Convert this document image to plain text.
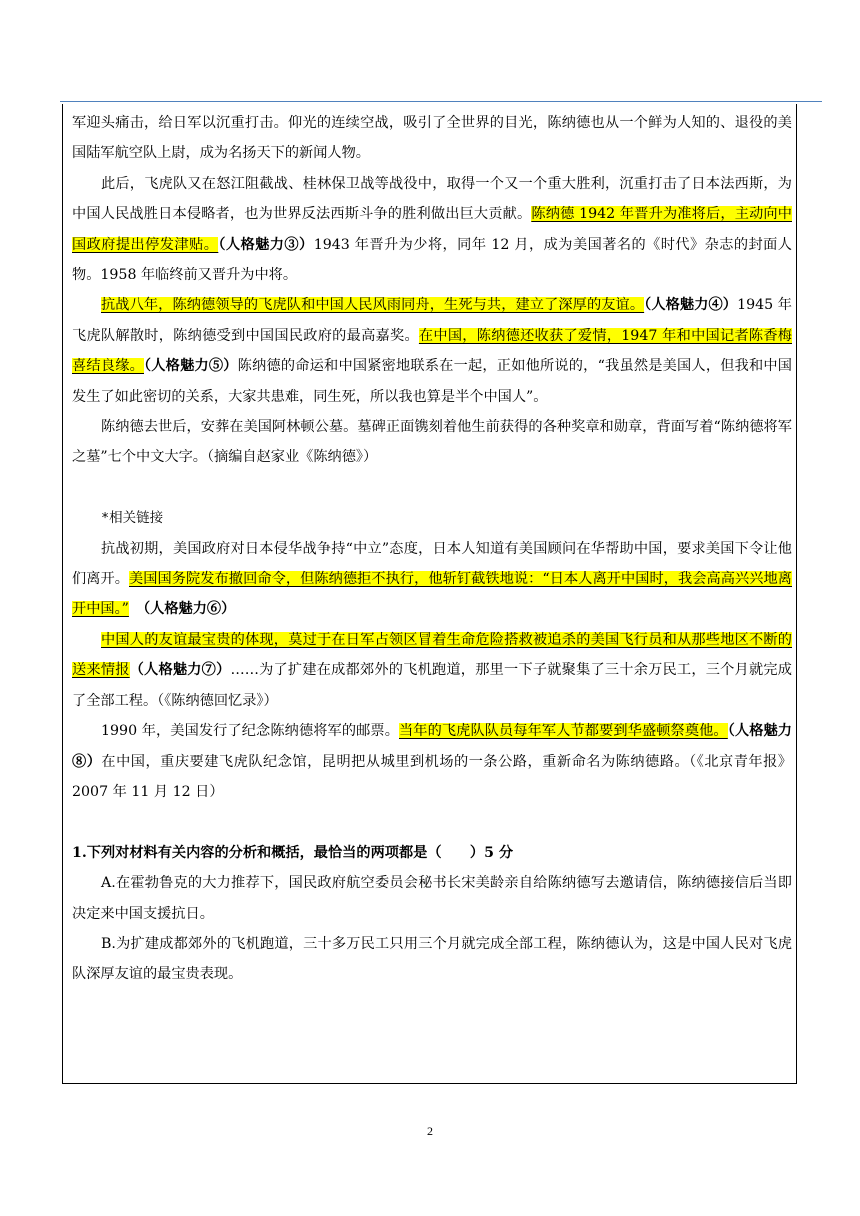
军迎头痛击，给日军以沉重打击。仰光的连续空战，吸引了全世界的目光，陈纳德也从一个鲜为人知的、退役的美国陆军航空队上尉，成为名扬天下的新闻人物。

此后，飞虎队又在怒江阻截战、桂林保卫战等战役中，取得一个又一个重大胜利，沉重打击了日本法西斯，为中国人民战胜日本侵略者，也为世界反法西斯斗争的胜利做出巨大贡献。陈纳德 1942 年晋升为准将后，主动向中国政府提出停发津贴。（人格魅力③）1943 年晋升为少将，同年 12 月，成为美国著名的《时代》杂志的封面人物。1958 年临终前又晋升为中将。

抗战八年，陈纳德领导的飞虎队和中国人民风雨同舟，生死与共，建立了深厚的友谊。（人格魅力④）1945 年飞虎队解散时，陈纳德受到中国国民政府的最高嘉奖。在中国，陈纳德还收获了爱情，1947 年和中国记者陈香梅喜结良缘。（人格魅力⑤）陈纳德的命运和中国紧密地联系在一起，正如他所说的，“我虽然是美国人，但我和中国发生了如此密切的关系，大家共患难，同生死，所以我也算是半个中国人”。

陈纳德去世后，安葬在美国阿林顿公墓。墓碑正面镌刻着他生前获得的各种奖章和勋章，背面写着“陈纳德将军之墓”七个中文大字。（摘编自赵家业《陈纳德》）

*相关链接

抗战初期，美国政府对日本侵华战争持“中立”态度，日本人知道有美国顾问在华帮助中国，要求美国下令让他们离开。美国国务院发布撤回命令，但陈纳德拒不执行，他斩钉截铁地说：“日本人离开中国时，我会高高兴兴地离开中国。”　（人格魅力⑥）

中国人的友谊最宝贵的体现，莫过于在日军占领区冒着生命危险搭救被追杀的美国飞行员和从那些地区不断的送来情报（人格魅力⑦）……为了扩建在成都郊外的飞机跑道，那里一下子就聚集了三十余万民工，三个月就完成了全部工程。（《陈纳德回忆录》）

1990 年，美国发行了纪念陈纳德将军的邮票。当年的飞虎队队员每年军人节都要到华盛顿祭奠他。（人格魅力⑧）在中国，重庆要建飞虎队纪念馆，昆明把从城里到机场的一条公路，重新命名为陈纳德路。（《北京青年报》2007 年 11 月 12 日）

1.下列对材料有关内容的分析和概括，最恰当的两项都是（　　）5 分

A.在霍勃鲁克的大力推荐下，国民政府航空委员会秘书长宋美龄亲自给陈纳德写去邀请信，陈纳德接信后当即决定来中国支援抗日。

B.为扩建成都郊外的飞机跑道，三十多万民工只用三个月就完成全部工程，陈纳德认为，这是中国人民对飞虎队深厚友谊的最宝贵表现。

2
